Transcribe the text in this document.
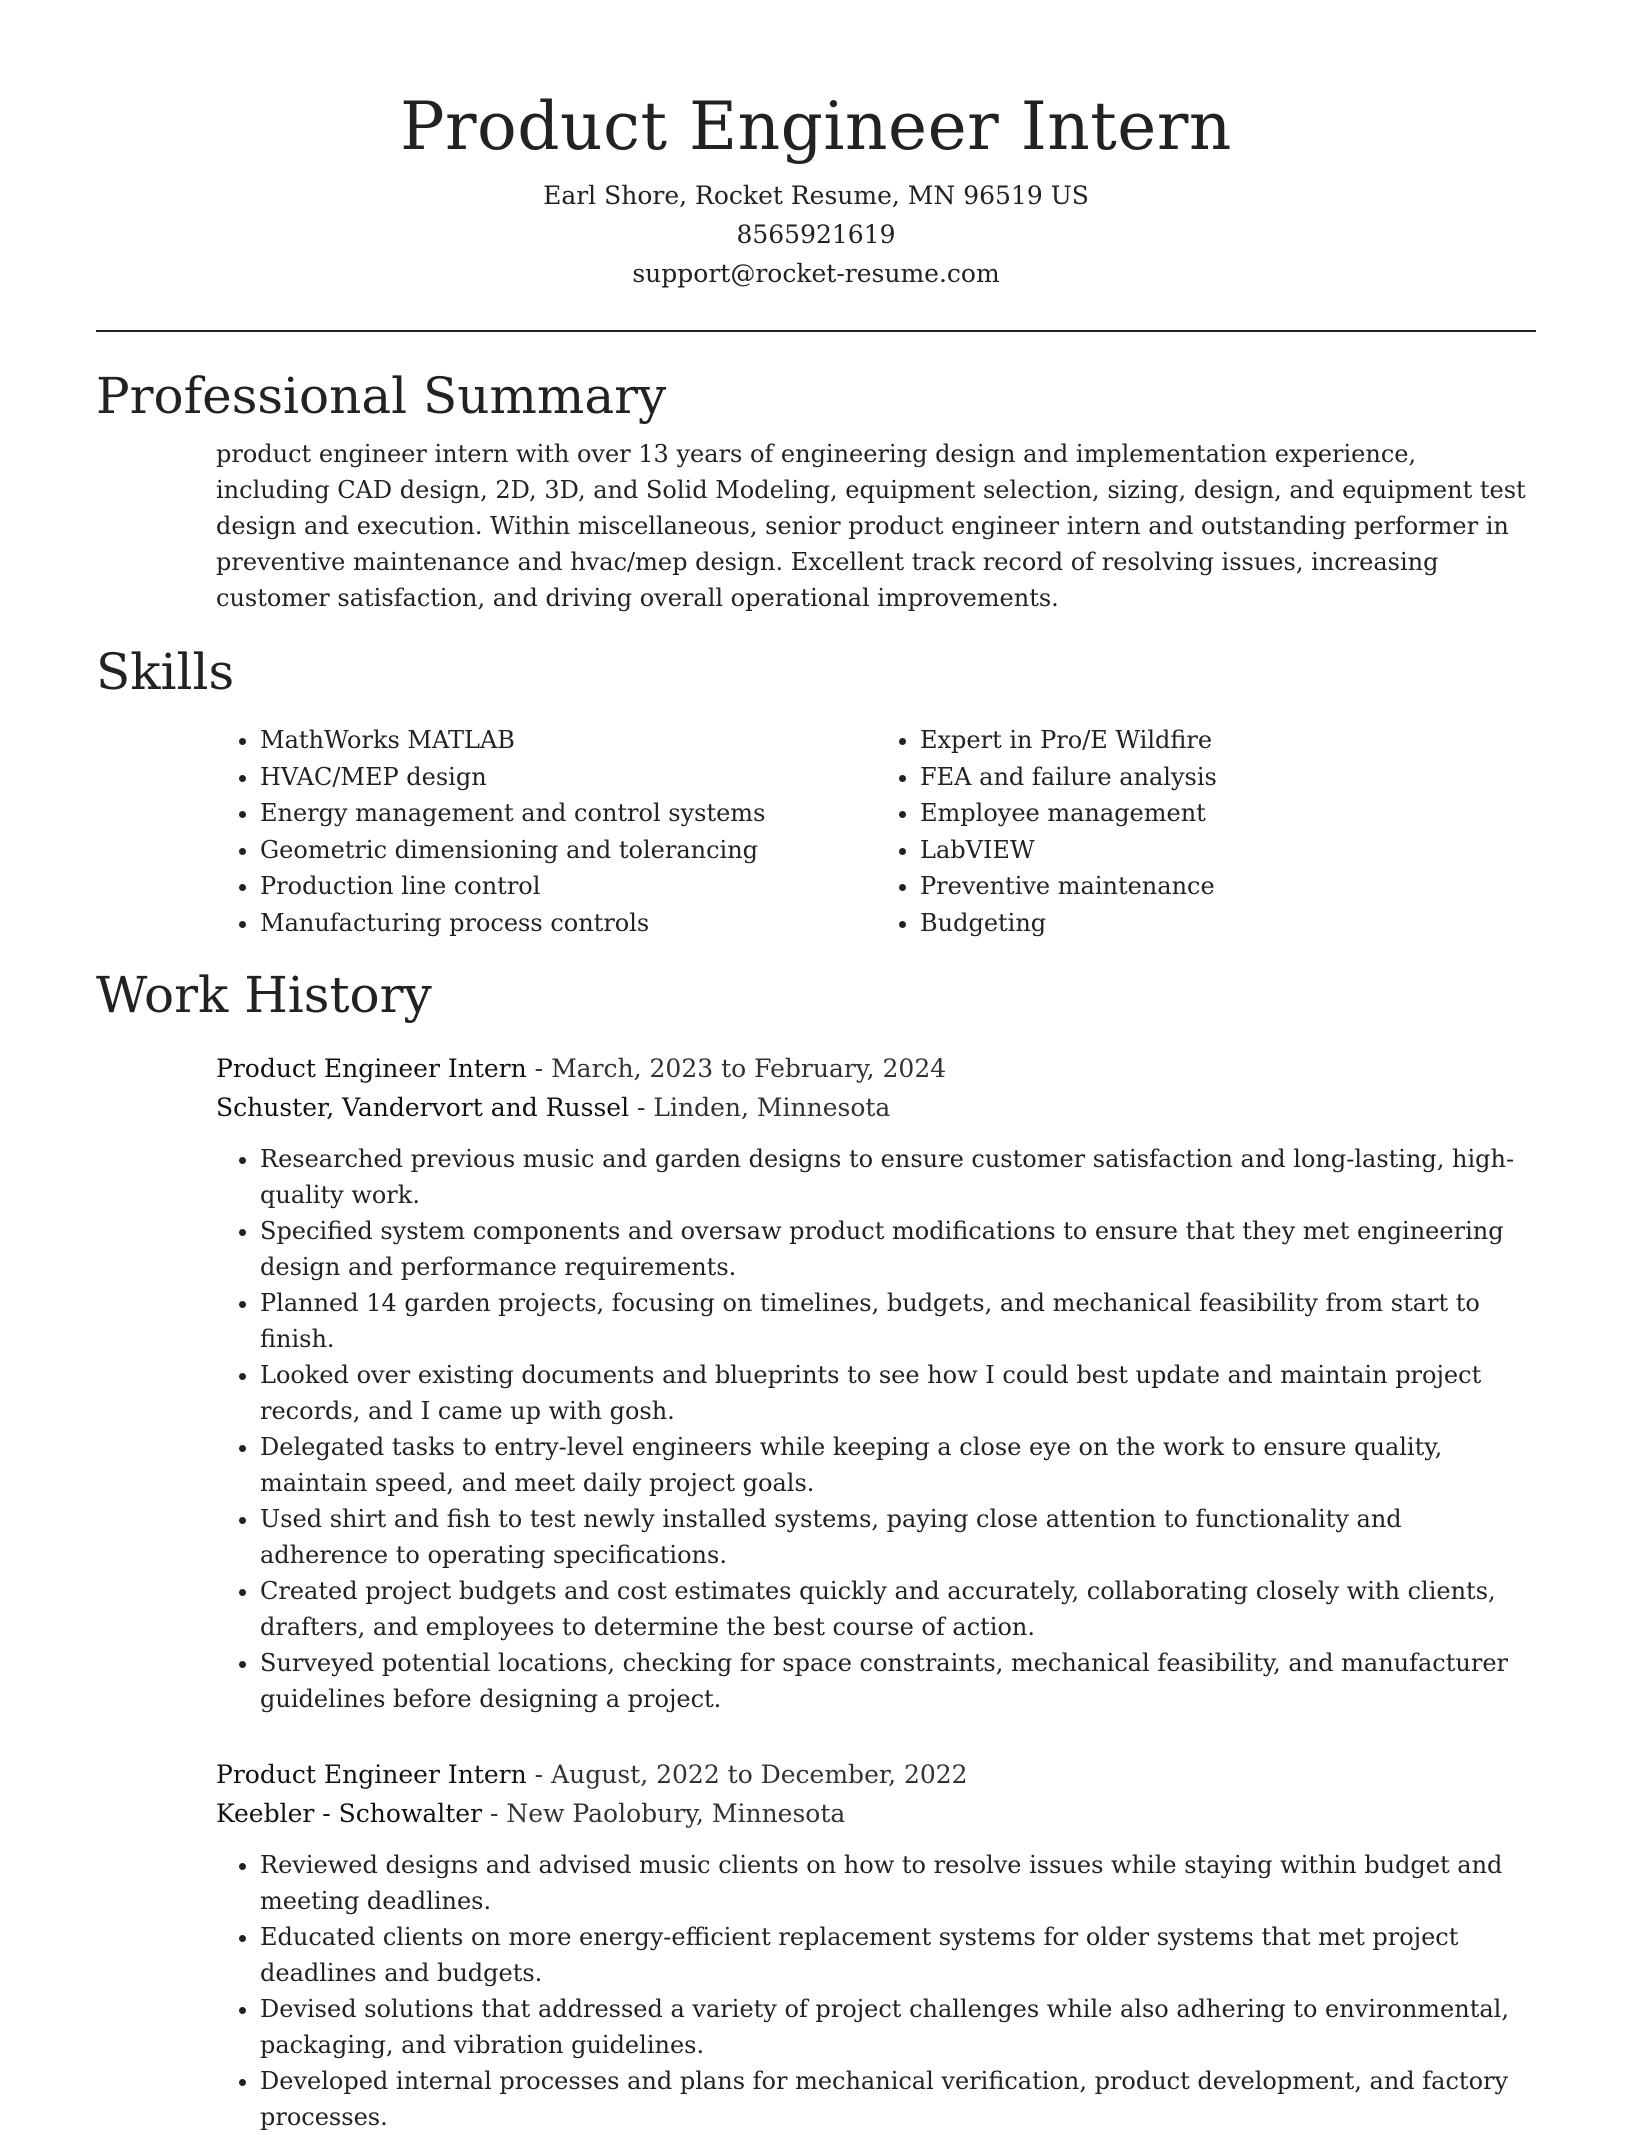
Product Engineer Intern
Earl Shore, Rocket Resume, MN 96519 US
8565921619
support@rocket-resume.com
Professional Summary
product engineer intern with over 13 years of engineering design and implementation experience, including CAD design, 2D, 3D, and Solid Modeling, equipment selection, sizing, design, and equipment test design and execution. Within miscellaneous, senior product engineer intern and outstanding performer in preventive maintenance and hvac/mep design. Excellent track record of resolving issues, increasing customer satisfaction, and driving overall operational improvements.
Skills
• MathWorks MATLAB
• HVAC/MEP design
• Energy management and control systems
• Geometric dimensioning and tolerancing
• Production line control
• Manufacturing process controls
• Expert in Pro/E Wildfire
• FEA and failure analysis
• Employee management
• LabVIEW
• Preventive maintenance
• Budgeting
Work History
Product Engineer Intern - March, 2023 to February, 2024
Schuster, Vandervort and Russel - Linden, Minnesota
• Researched previous music and garden designs to ensure customer satisfaction and long-lasting, high-quality work.
• Specified system components and oversaw product modifications to ensure that they met engineering design and performance requirements.
• Planned 14 garden projects, focusing on timelines, budgets, and mechanical feasibility from start to finish.
• Looked over existing documents and blueprints to see how I could best update and maintain project records, and I came up with gosh.
• Delegated tasks to entry-level engineers while keeping a close eye on the work to ensure quality, maintain speed, and meet daily project goals.
• Used shirt and fish to test newly installed systems, paying close attention to functionality and adherence to operating specifications.
• Created project budgets and cost estimates quickly and accurately, collaborating closely with clients, drafters, and employees to determine the best course of action.
• Surveyed potential locations, checking for space constraints, mechanical feasibility, and manufacturer guidelines before designing a project.
Product Engineer Intern - August, 2022 to December, 2022
Keebler - Schowalter - New Paolobury, Minnesota
• Reviewed designs and advised music clients on how to resolve issues while staying within budget and meeting deadlines.
• Educated clients on more energy-efficient replacement systems for older systems that met project deadlines and budgets.
• Devised solutions that addressed a variety of project challenges while also adhering to environmental, packaging, and vibration guidelines.
• Developed internal processes and plans for mechanical verification, product development, and factory processes.
